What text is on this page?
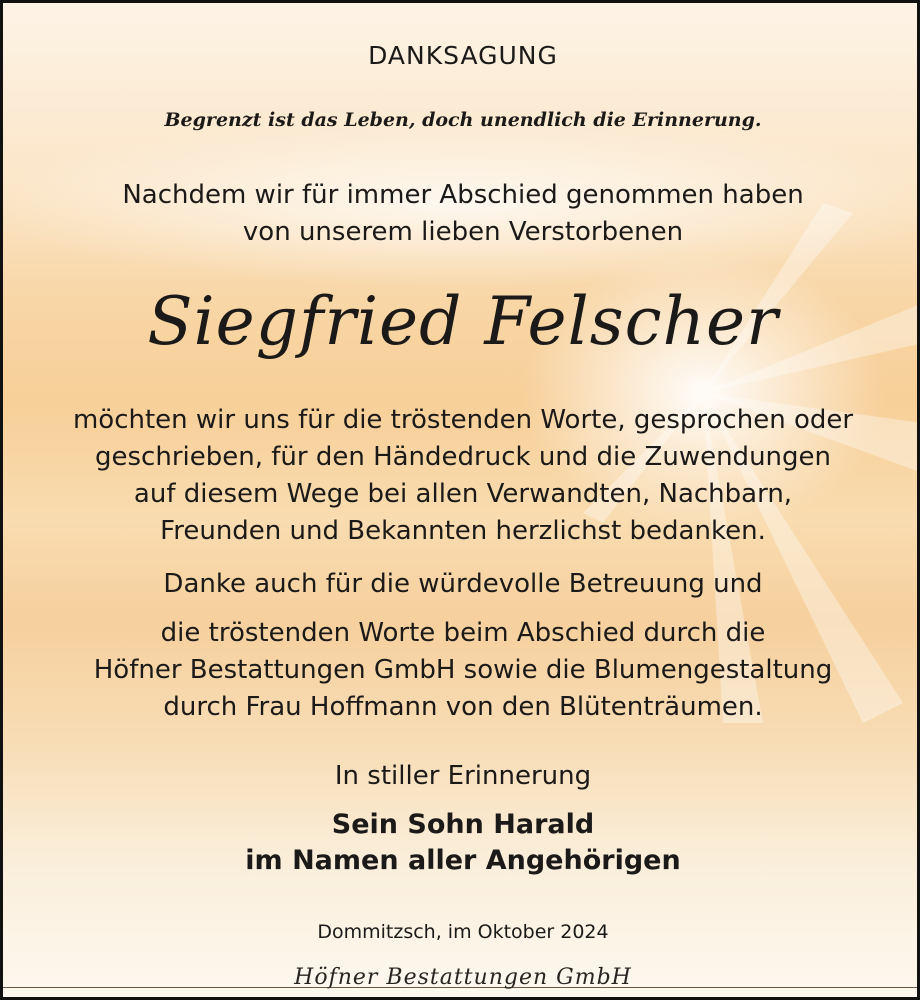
DANKSAGUNG
Begrenzt ist das Leben, doch unendlich die Erinnerung.
Nachdem wir für immer Abschied genommen haben
von unserem lieben Verstorbenen
Siegfried Felscher
möchten wir uns für die tröstenden Worte, gesprochen oder
geschrieben, für den Händedruck und die Zuwendungen
auf diesem Wege bei allen Verwandten, Nachbarn,
Freunden und Bekannten herzlichst bedanken.
Danke auch für die würdevolle Betreuung und
die tröstenden Worte beim Abschied durch die
Höfner Bestattungen GmbH sowie die Blumengestaltung
durch Frau Hoffmann von den Blütenträumen.
In stiller Erinnerung
Sein Sohn Harald
im Namen aller Angehörigen
Dommitzsch, im Oktober 2024
Höfner Bestattungen GmbH
